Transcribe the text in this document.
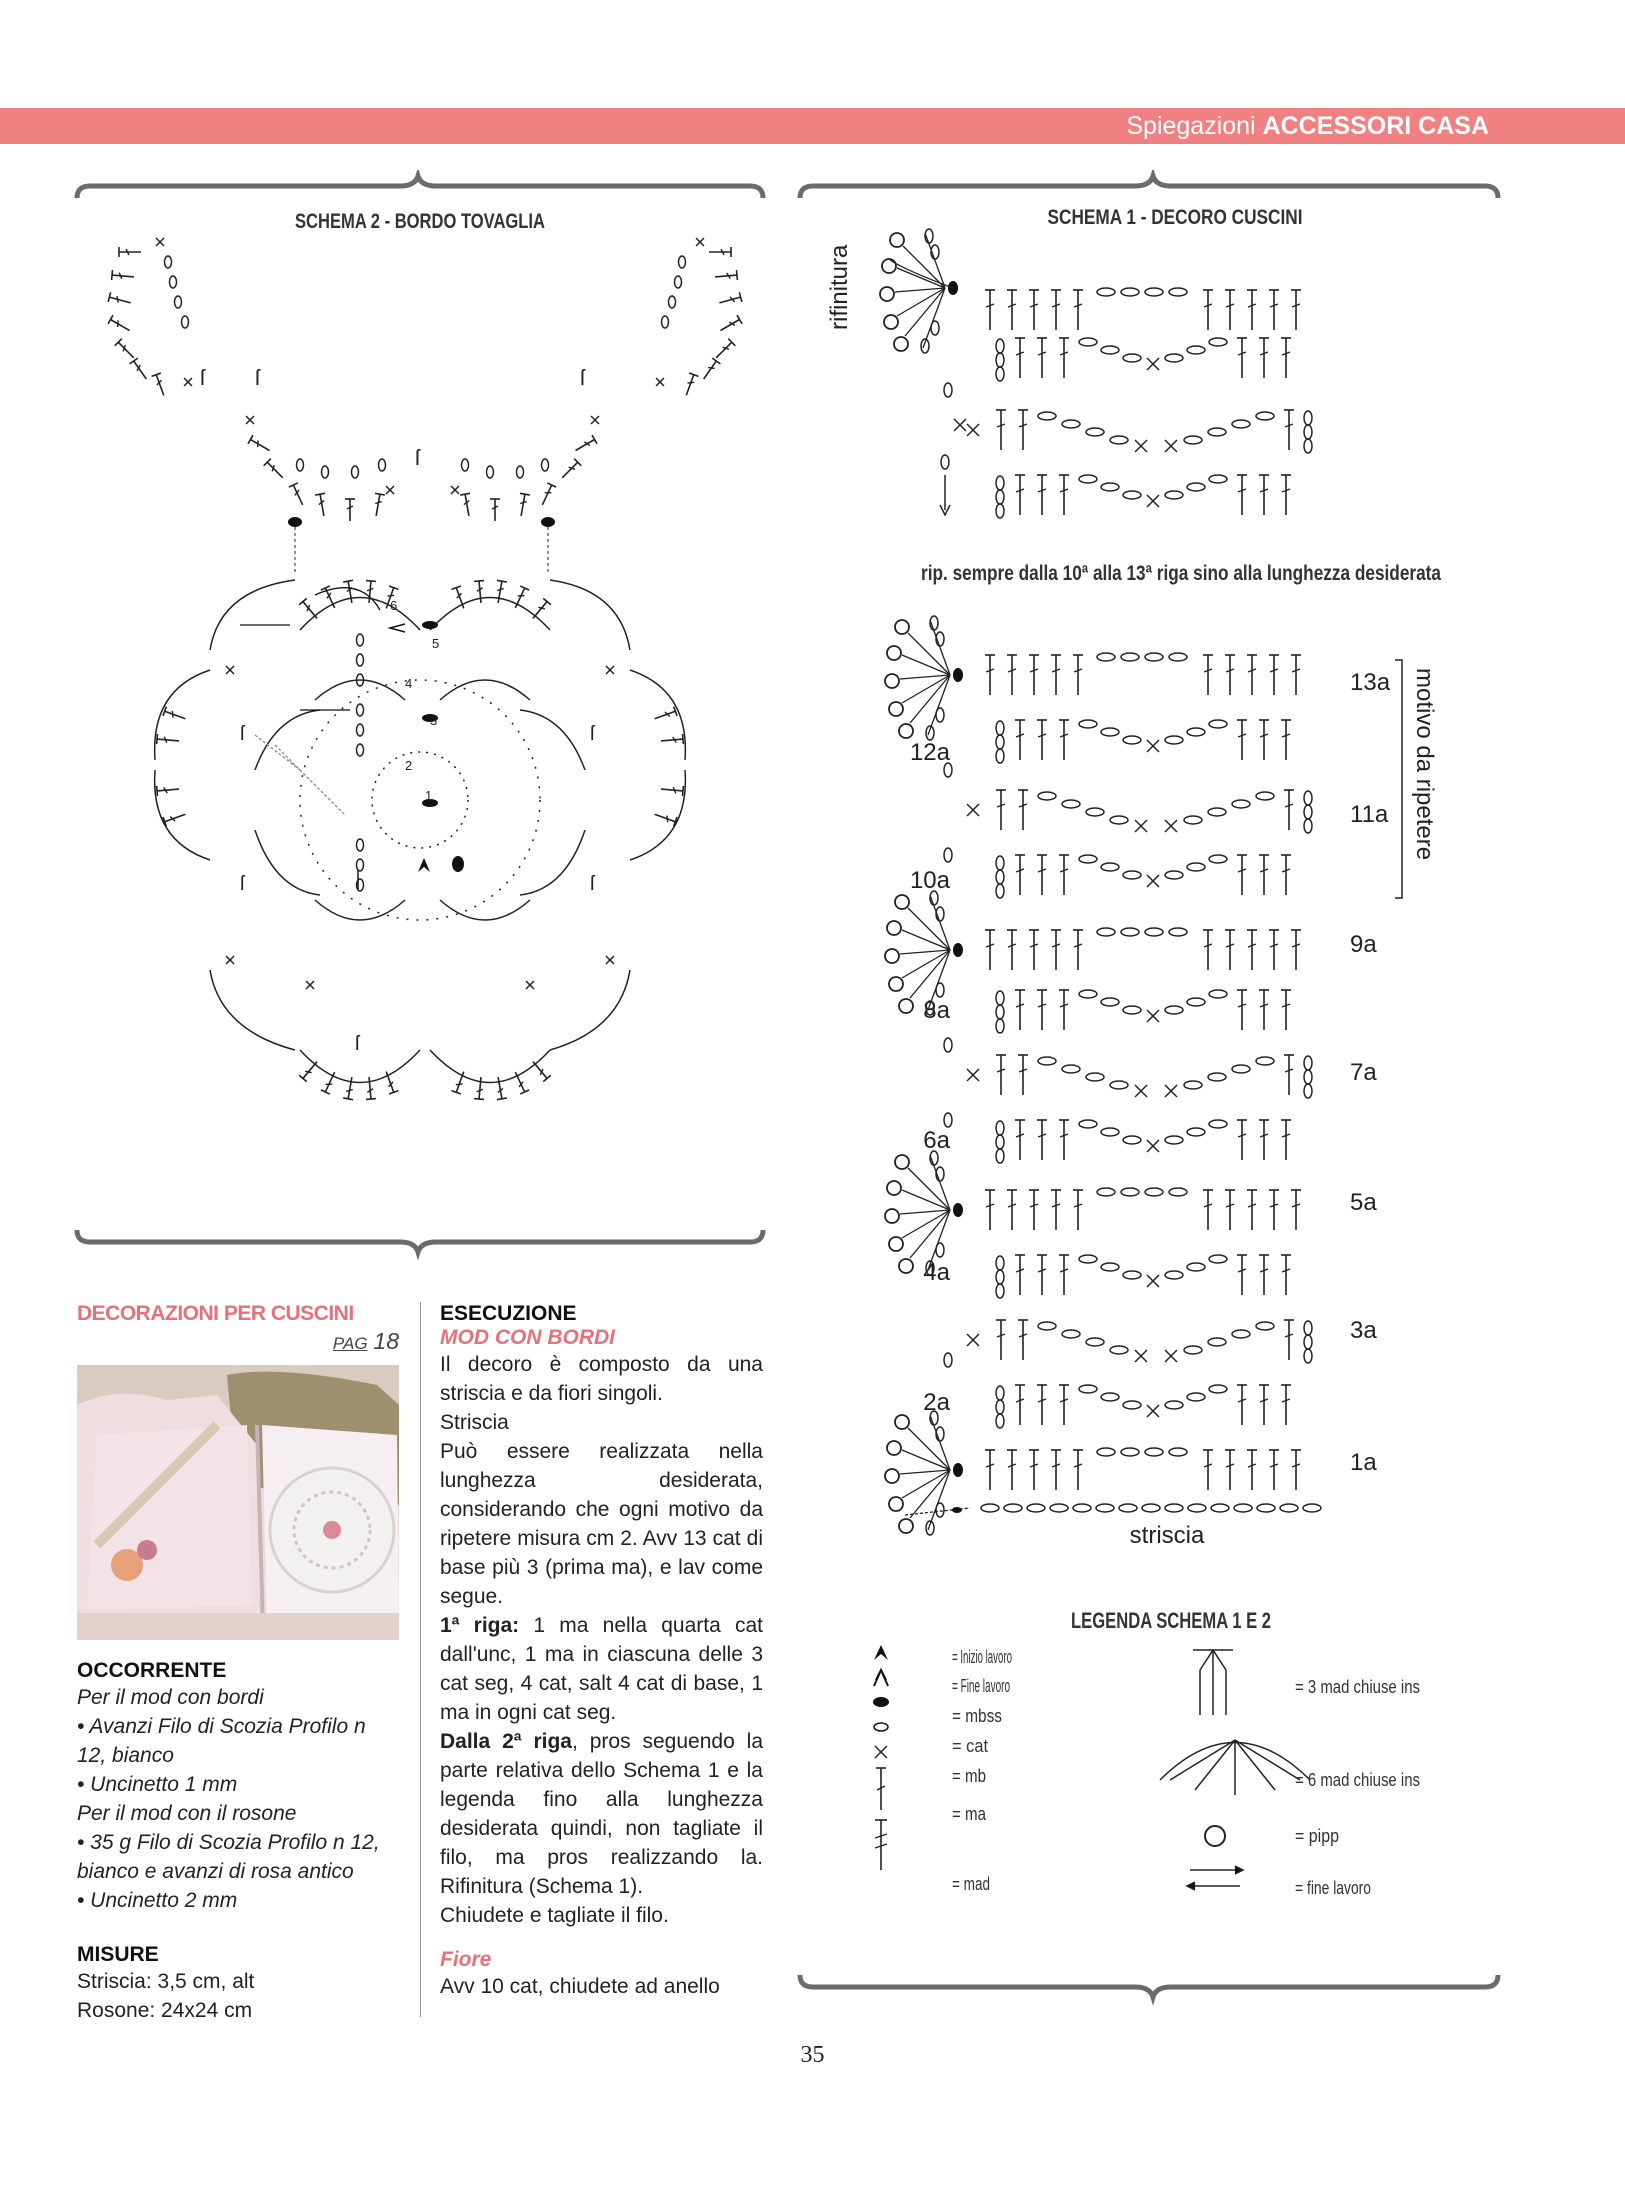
Spiegazioni ACCESSORI CASA
SCHEMA 2 - BORDO TOVAGLIA
ſ ſ	ſ
ſ
ſ	ſ
ſ	ſ
ſ
1
2
3
4
5
6
SCHEMA 1 - DECORO CUSCINI
rifinitura
rip. sempre dalla 10ª alla 13ª riga sino alla lunghezza desiderata
13a
11a
9a
7a
5a
3a
1a
12a
10a
8a
6a
4a
2a
motivo da ripetere
striscia
LEGENDA SCHEMA 1 E 2
= Inizio lavoro
= Fine lavoro
= mbss
= cat
= mb
= ma
= mad
= 3 mad chiuse ins
= 6 mad chiuse ins
= pipp
= fine lavoro
DECORAZIONI PER CUSCINI
PAG 18
OCCORRENTE
Per il mod con bordi
• Avanzi Filo di Scozia Profilo n 12, bianco
• Uncinetto 1 mm
Per il mod con il rosone
• 35 g Filo di Scozia Profilo n 12, bianco e avanzi di rosa antico
• Uncinetto 2 mm
MISURE
Striscia: 3,5 cm, alt
Rosone: 24x24 cm
ESECUZIONE
MOD CON BORDI
Il decoro è composto da una striscia e da fiori singoli.
Striscia
Può essere realizzata nella lunghezza desiderata, considerando che ogni motivo da ripetere misura cm 2. Avv 13 cat di base più 3 (prima ma), e lav come segue.
1ª riga: 1 ma nella quarta cat dall'unc, 1 ma in ciascuna delle 3 cat seg, 4 cat, salt 4 cat di base, 1 ma in ogni cat seg.
Dalla 2ª riga, pros seguendo la parte relativa dello Schema 1 e la legenda fino alla lunghezza desiderata quindi, non tagliate il filo, ma pros realizzando la. Rifinitura (Schema 1).
Chiudete e tagliate il filo.
Fiore
Avv 10 cat, chiudete ad anello
35
